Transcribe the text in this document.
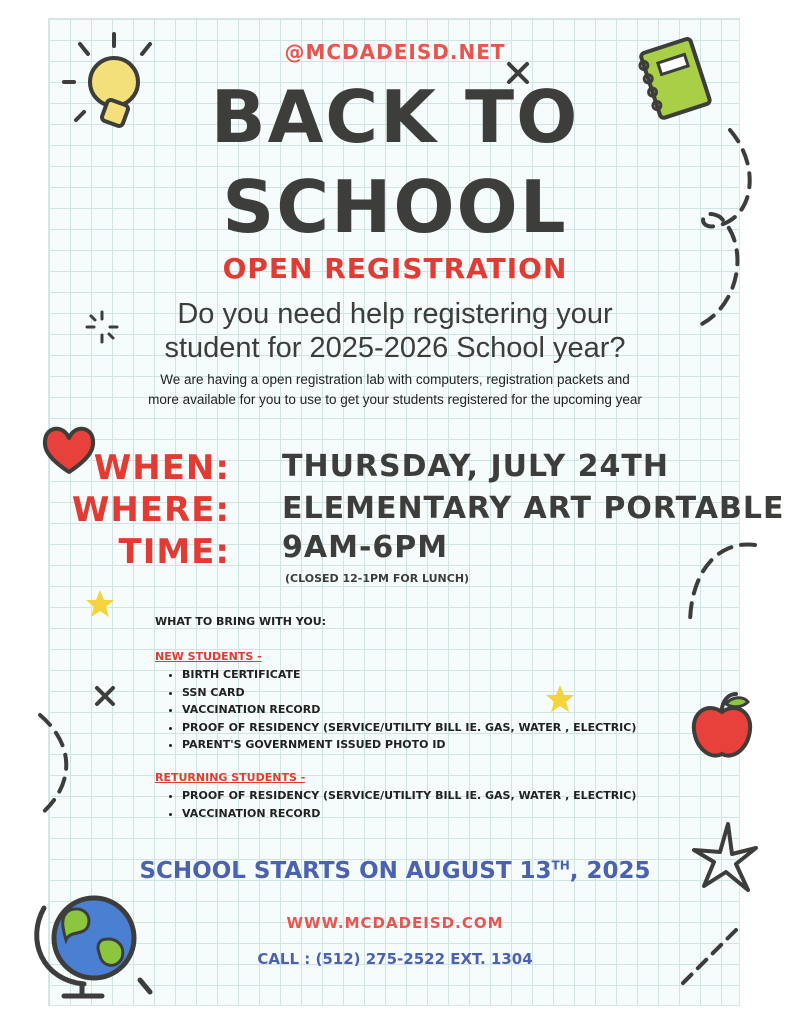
@MCDADEISD.NET
BACK TO
SCHOOL
OPEN REGISTRATION
Do you need help registering your
student for 2025-2026 School year?
We are having a open registration lab with computers, registration packets and
more available for you to use to get your students registered for the upcoming year
WHEN: THURSDAY, JULY 24TH
WHERE: ELEMENTARY ART PORTABLE
TIME: 9AM-6PM
(CLOSED 12-1PM FOR LUNCH)
WHAT TO BRING WITH YOU:
NEW STUDENTS -
• BIRTH CERTIFICATE
• SSN CARD
• VACCINATION RECORD
• PROOF OF RESIDENCY (SERVICE/UTILITY BILL IE. GAS, WATER , ELECTRIC)
• PARENT'S GOVERNMENT ISSUED PHOTO ID
RETURNING STUDENTS -
• PROOF OF RESIDENCY (SERVICE/UTILITY BILL IE. GAS, WATER , ELECTRIC)
• VACCINATION RECORD
SCHOOL STARTS ON AUGUST 13TH, 2025
WWW.MCDADEISD.COM
CALL : (512) 275-2522 EXT. 1304
